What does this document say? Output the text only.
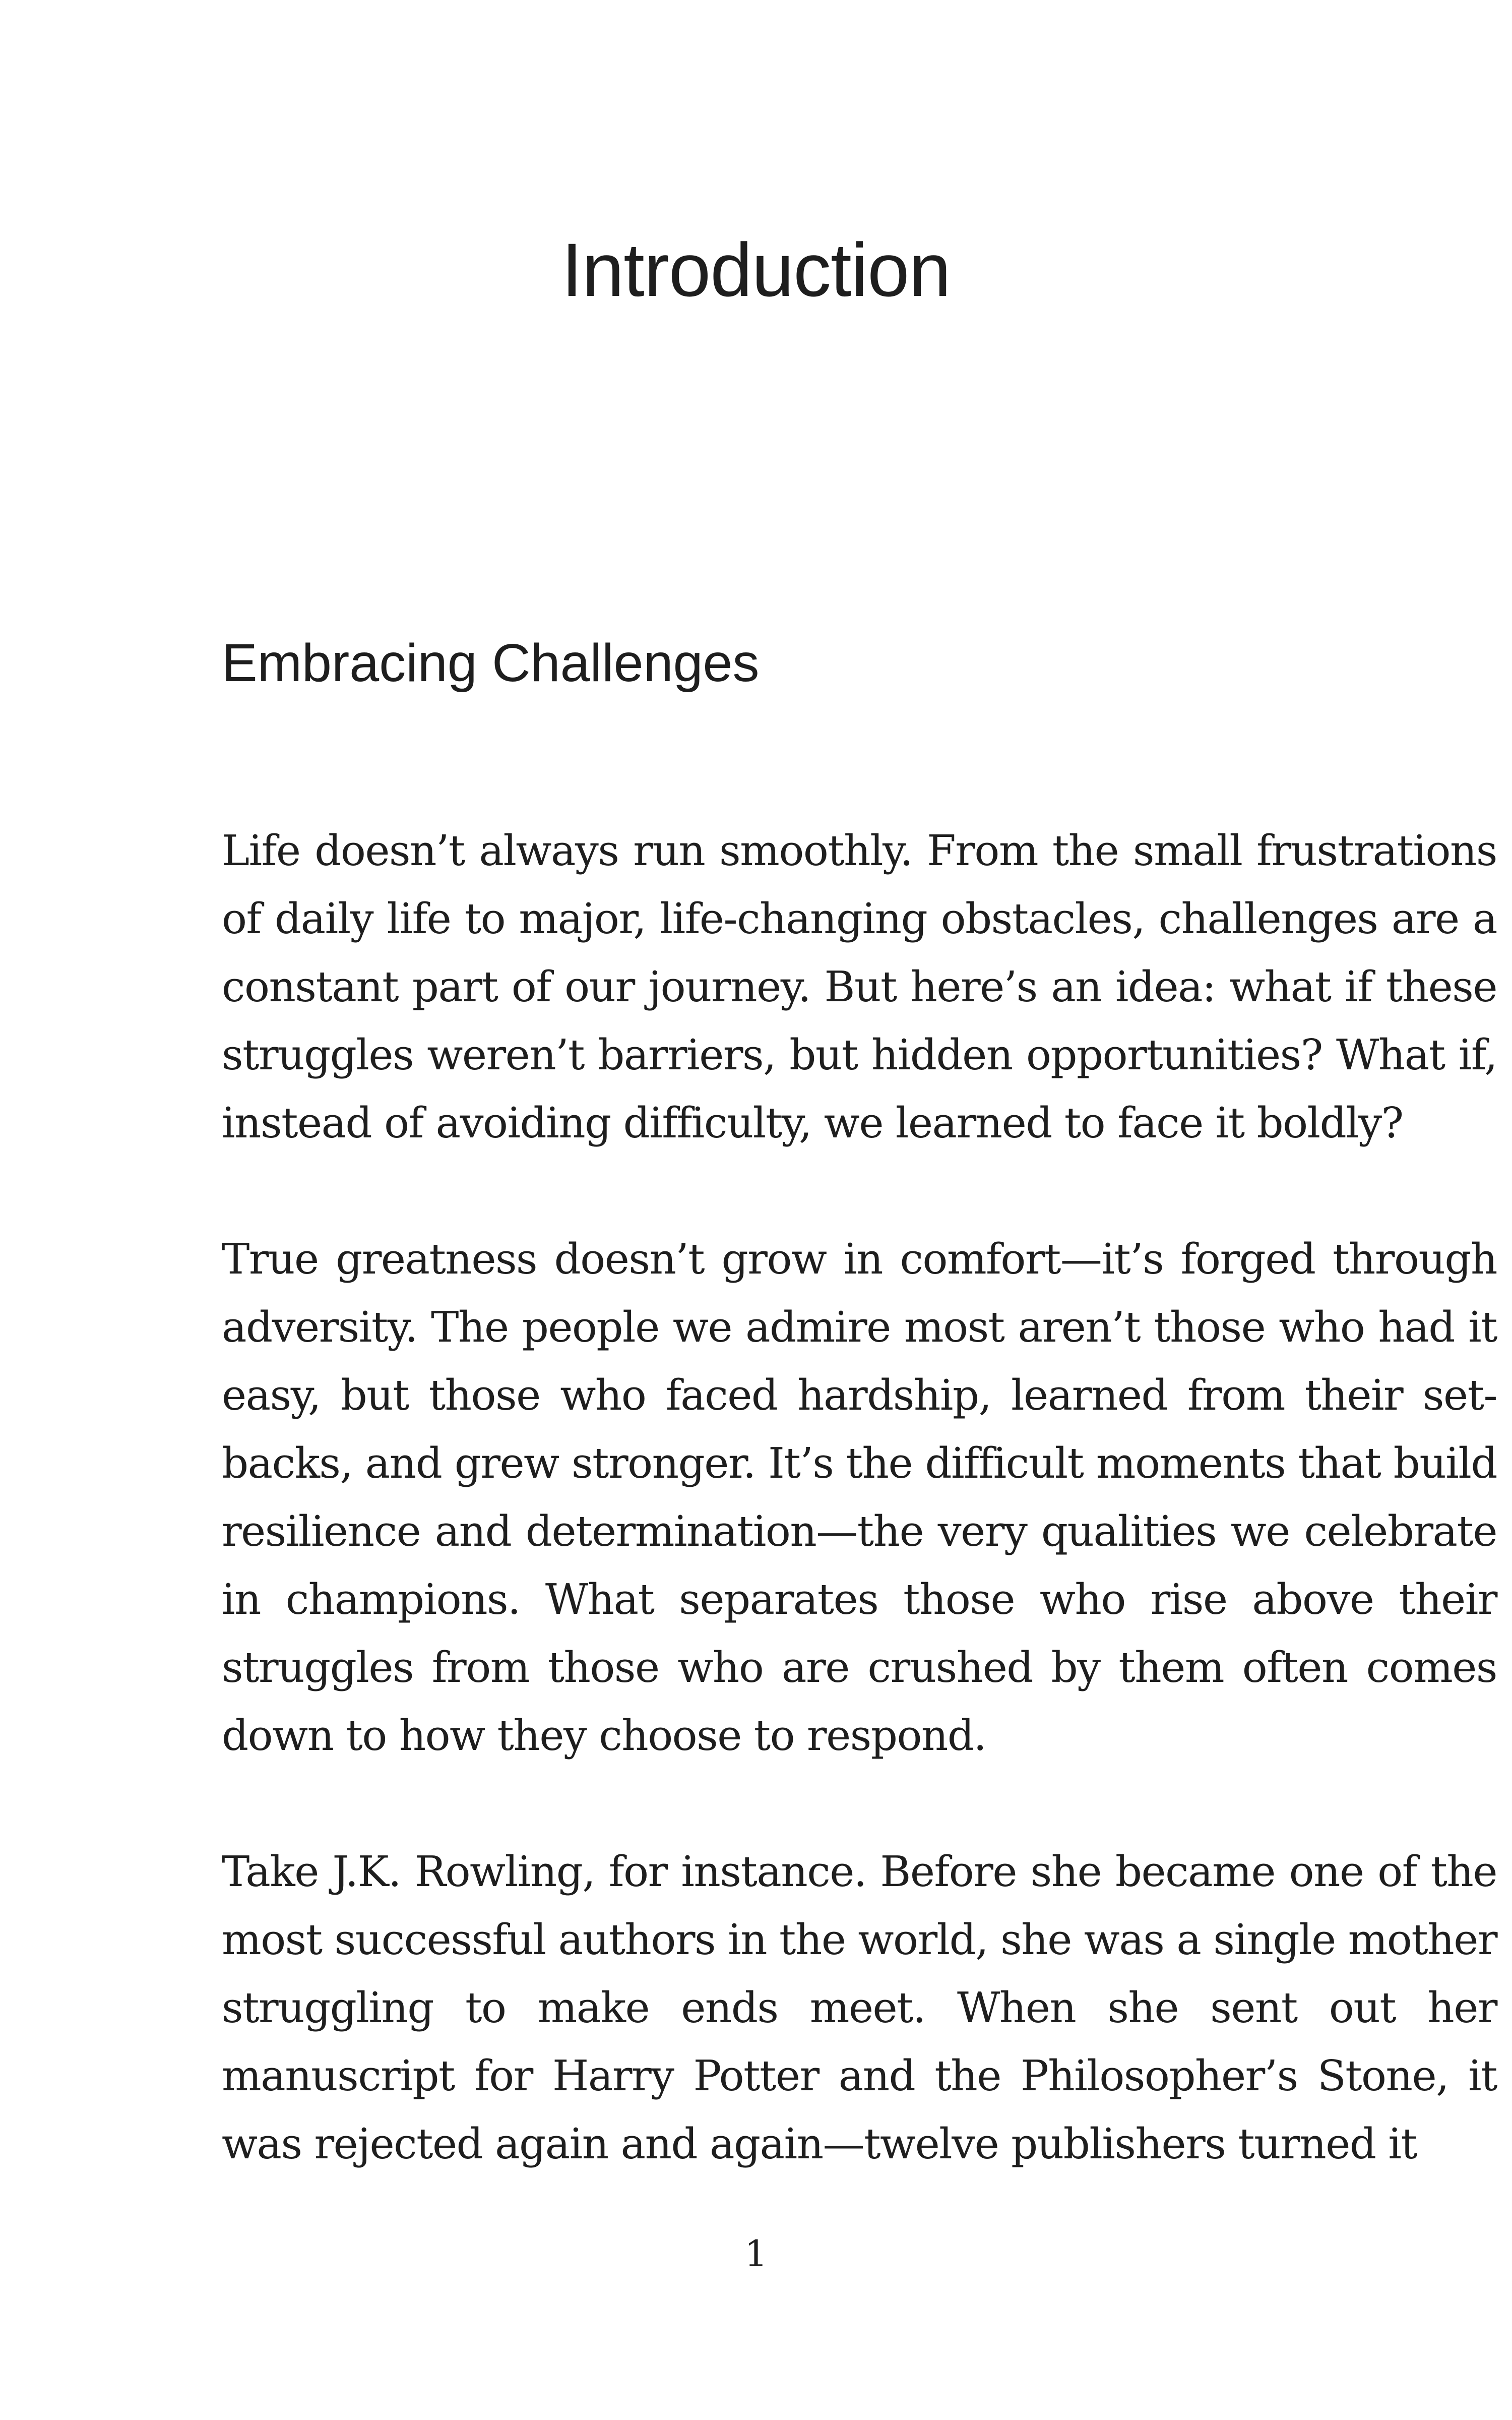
Introduction
Embracing Challenges

Life doesn’t always run smoothly. From the small frustrations of daily life to major, life-changing obstacles, challenges are a constant part of our journey. But here’s an idea: what if these struggles weren’t barriers, but hidden opportunities? What if, instead of avoiding difficulty, we learned to face it boldly?

True greatness doesn’t grow in comfort—it’s forged through adversity. The people we admire most aren’t those who had it easy, but those who faced hardship, learned from their set-backs, and grew stronger. It’s the difficult moments that build resilience and determination—the very qualities we celebrate in champions. What separates those who rise above their struggles from those who are crushed by them often comes down to how they choose to respond.

Take J.K. Rowling, for instance. Before she became one of the most successful authors in the world, she was a single mother struggling to make ends meet. When she sent out her manuscript for Harry Potter and the Philosopher’s Stone, it was rejected again and again—twelve publishers turned it

1
